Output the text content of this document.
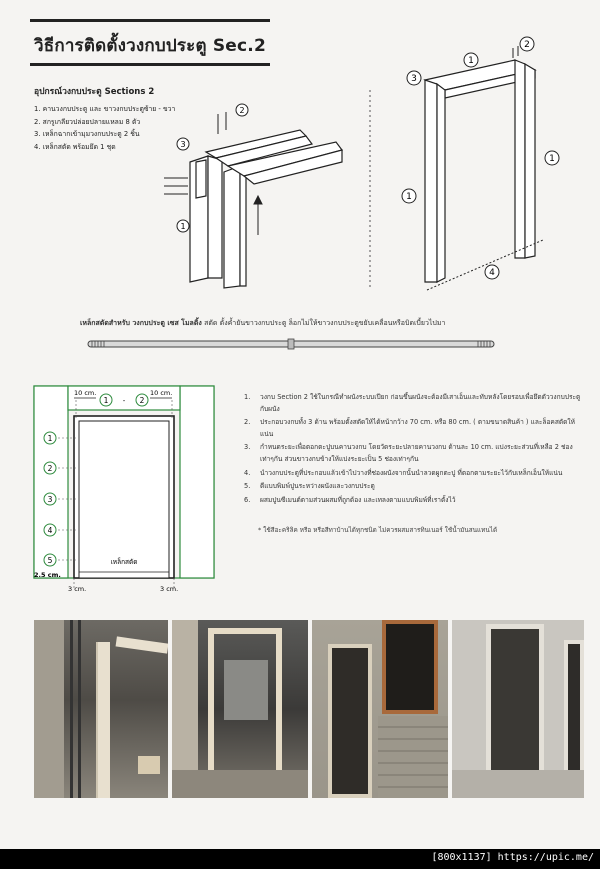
วิธีการติดตั้งวงกบประตู Sec.2
อุปกรณ์วงกบประตู Sections 2
1. คานวงกบประตู และ ขาวงกบประตูซ้าย - ขวา
2. สกรูเกลียวปล่อยปลายแหลม 8 ตัว
3. เหล็กฉากเข้ามุมวงกบประตู 2 ชิ้น
4. เหล็กสตัด พร้อมยึด 1 ชุด
2
3
1
2
3
1
1
1
4
เหล็กสตัดสำหรับ วงกบประตู เซส โมลดิ้ง สตัด ตั้งค้ำยันขาวงกบประตู ล็อกไม่ให้ขาวงกบประตูขยับเคลื่อนหรือบิดเบี้ยวไปมา
10 cm.	10 cm.
1	2
-
1
2
3
4
5	เหล็กสตัด
2.5 cm.
3 cm.	3 cm.
1. วงกบ Section 2 ใช้ในกรณีทำผนังระบบเปียก ก่อนขึ้นผนังจะต้องมีเสาเอ็นและทับหลังโดยรอบเพื่อยึดตัววงกบประตูกับผนัง
2. ประกอบวงกบทั้ง 3 ด้าน พร้อมตั้งสตัดให้ได้หน้ากว้าง 70 cm. หรือ 80 cm. ( ตามขนาดสินค้า ) และล็อคสตัดให้แน่น
3. กำหนดระยะเพื่อตอกตะปูบนคานวงกบ โดยวัดระยะปลายคานวงกบ ด้านละ 10 cm. แบ่งระยะส่วนที่เหลือ 2 ช่องเท่าๆกัน ส่วนขาวงกบข้างให้แบ่งระยะเป็น 5 ช่องเท่าๆกัน
4. นำวงกบประตูที่ประกอบแล้วเข้าไปวางที่ช่องผนังจากนั้นนำลวดผูกตะปู ที่ตอกตามระยะไว้กับเหล็กเอ็นให้แน่น
5. ตีแบบพิมพ์ปูนระหว่างผนังและวงกบประตู
6. ผสมปูนซีเมนต์ตามส่วนผสมที่ถูกต้อง และเทลงตามแบบพิมพ์ที่เราตั้งไว้
* ใช้สีอะคริลิค หรือ หรือสีทาบ้านได้ทุกชนิด ไม่ควรผสมสารทินเนอร์ ใช้น้ำมันสนแทนได้
[800x1137] https://upic.me/
